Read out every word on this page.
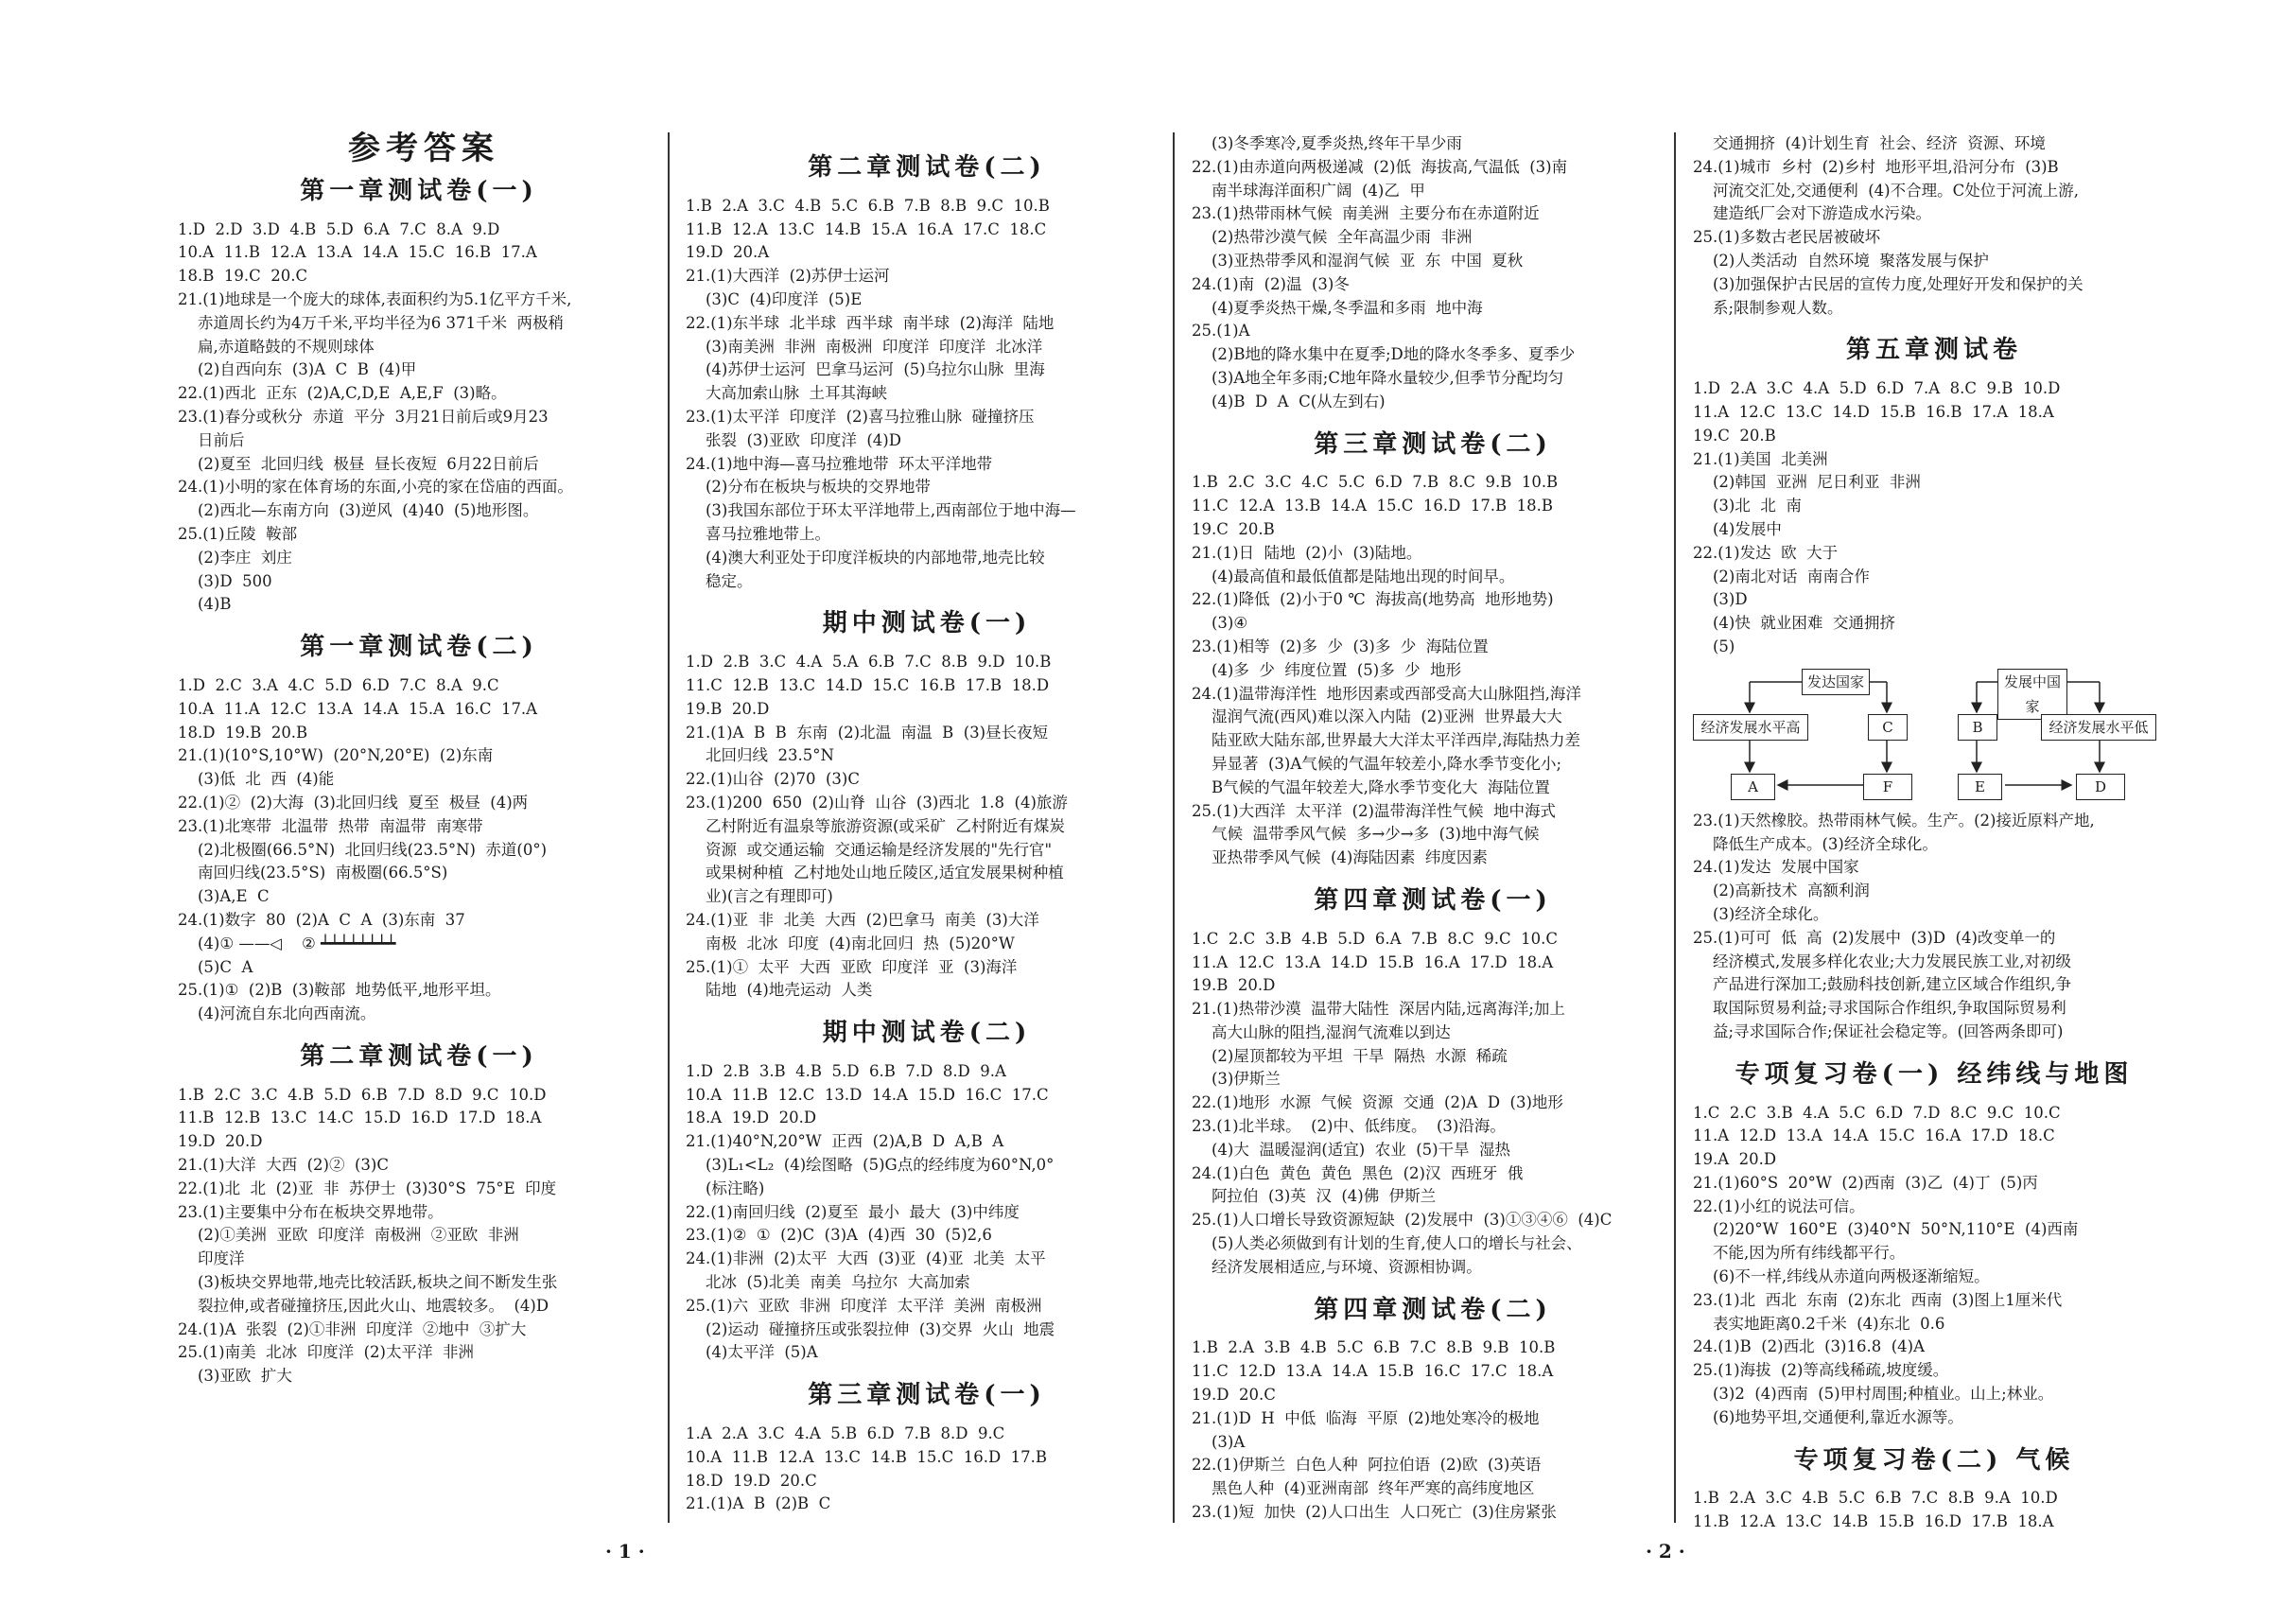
参考答案
第一章测试卷(一)
1.D  2.D  3.D  4.B  5.D  6.A  7.C  8.A  9.D
10.A  11.B  12.A  13.A  14.A  15.C  16.B  17.A
18.B  19.C  20.C
21.(1)地球是一个庞大的球体,表面积约为5.1亿平方千米,
赤道周长约为4万千米,平均半径为6 371千米  两极稍
扁,赤道略鼓的不规则球体
(2)自西向东  (3)A  C  B  (4)甲
22.(1)西北  正东  (2)A,C,D,E  A,E,F  (3)略。
23.(1)春分或秋分  赤道  平分  3月21日前后或9月23
日前后
(2)夏至  北回归线  极昼  昼长夜短  6月22日前后
24.(1)小明的家在体育场的东面,小亮的家在岱庙的西面。
(2)西北—东南方向  (3)逆风  (4)40  (5)地形图。
25.(1)丘陵  鞍部
(2)李庄  刘庄
(3)D  500
(4)B
第一章测试卷(二)
1.D  2.C  3.A  4.C  5.D  6.D  7.C  8.A  9.C
10.A  11.A  12.C  13.A  14.A  15.A  16.C  17.A
18.D  19.B  20.B
21.(1)(10°S,10°W)  (20°N,20°E)  (2)东南
(3)低  北  西  (4)能
22.(1)②  (2)大海  (3)北回归线  夏至  极昼  (4)两
23.(1)北寒带  北温带  热带  南温带  南寒带
(2)北极圈(66.5°N)  北回归线(23.5°N)  赤道(0°)
南回归线(23.5°S)  南极圈(66.5°S)
(3)A,E  C
24.(1)数字  80  (2)A  C  A  (3)东南  37
(4)① ——◁    ② ┷┷┷┷┷┷┷┷
(5)C  A
25.(1)①  (2)B  (3)鞍部  地势低平,地形平坦。
(4)河流自东北向西南流。
第二章测试卷(一)
1.B  2.C  3.C  4.B  5.D  6.B  7.D  8.D  9.C  10.D
11.B  12.B  13.C  14.C  15.D  16.D  17.D  18.A
19.D  20.D
21.(1)大洋  大西  (2)②  (3)C
22.(1)北  北  (2)亚  非  苏伊士  (3)30°S  75°E  印度
23.(1)主要集中分布在板块交界地带。
(2)①美洲  亚欧  印度洋  南极洲  ②亚欧  非洲
印度洋
(3)板块交界地带,地壳比较活跃,板块之间不断发生张
裂拉伸,或者碰撞挤压,因此火山、地震较多。  (4)D
24.(1)A  张裂  (2)①非洲  印度洋  ②地中  ③扩大
25.(1)南美  北冰  印度洋  (2)太平洋  非洲
(3)亚欧  扩大
第二章测试卷(二)
1.B  2.A  3.C  4.B  5.C  6.B  7.B  8.B  9.C  10.B
11.B  12.A  13.C  14.B  15.A  16.A  17.C  18.C
19.D  20.A
21.(1)大西洋  (2)苏伊士运河
(3)C  (4)印度洋  (5)E
22.(1)东半球  北半球  西半球  南半球  (2)海洋  陆地
(3)南美洲  非洲  南极洲  印度洋  印度洋  北冰洋
(4)苏伊士运河  巴拿马运河  (5)乌拉尔山脉  里海
大高加索山脉  土耳其海峡
23.(1)太平洋  印度洋  (2)喜马拉雅山脉  碰撞挤压
张裂  (3)亚欧  印度洋  (4)D
24.(1)地中海—喜马拉雅地带  环太平洋地带
(2)分布在板块与板块的交界地带
(3)我国东部位于环太平洋地带上,西南部位于地中海—
喜马拉雅地带上。
(4)澳大利亚处于印度洋板块的内部地带,地壳比较
稳定。
期中测试卷(一)
1.D  2.B  3.C  4.A  5.A  6.B  7.C  8.B  9.D  10.B
11.C  12.B  13.C  14.D  15.C  16.B  17.B  18.D
19.B  20.D
21.(1)A  B  B  东南  (2)北温  南温  B  (3)昼长夜短
北回归线  23.5°N
22.(1)山谷  (2)70  (3)C
23.(1)200  650  (2)山脊  山谷  (3)西北  1.8  (4)旅游
乙村附近有温泉等旅游资源(或采矿  乙村附近有煤炭
资源  或交通运输  交通运输是经济发展的"先行官"
或果树种植  乙村地处山地丘陵区,适宜发展果树种植
业)(言之有理即可)
24.(1)亚  非  北美  大西  (2)巴拿马  南美  (3)大洋
南极  北冰  印度  (4)南北回归  热  (5)20°W
25.(1)①  太平  大西  亚欧  印度洋  亚  (3)海洋
陆地  (4)地壳运动  人类
期中测试卷(二)
1.D  2.B  3.B  4.B  5.D  6.B  7.D  8.D  9.A
10.A  11.B  12.C  13.D  14.A  15.D  16.C  17.C
18.A  19.D  20.D
21.(1)40°N,20°W  正西  (2)A,B  D  A,B  A
(3)L₁<L₂  (4)绘图略  (5)G点的经纬度为60°N,0°
(标注略)
22.(1)南回归线  (2)夏至  最小  最大  (3)中纬度
23.(1)②  ①  (2)C  (3)A  (4)西  30  (5)2,6
24.(1)非洲  (2)太平  大西  (3)亚  (4)亚  北美  太平
北冰  (5)北美  南美  乌拉尔  大高加索
25.(1)六  亚欧  非洲  印度洋  太平洋  美洲  南极洲
(2)运动  碰撞挤压或张裂拉伸  (3)交界  火山  地震
(4)太平洋  (5)A
第三章测试卷(一)
1.A  2.A  3.C  4.A  5.B  6.D  7.B  8.D  9.C
10.A  11.B  12.A  13.C  14.B  15.C  16.D  17.B
18.D  19.D  20.C
21.(1)A  B  (2)B  C
(3)冬季寒冷,夏季炎热,终年干旱少雨
22.(1)由赤道向两极递减  (2)低  海拔高,气温低  (3)南
南半球海洋面积广阔  (4)乙  甲
23.(1)热带雨林气候  南美洲  主要分布在赤道附近
(2)热带沙漠气候  全年高温少雨  非洲
(3)亚热带季风和湿润气候  亚  东  中国  夏秋
24.(1)南  (2)温  (3)冬
(4)夏季炎热干燥,冬季温和多雨  地中海
25.(1)A
(2)B地的降水集中在夏季;D地的降水冬季多、夏季少
(3)A地全年多雨;C地年降水量较少,但季节分配均匀
(4)B  D  A  C(从左到右)
第三章测试卷(二)
1.B  2.C  3.C  4.C  5.C  6.D  7.B  8.C  9.B  10.B
11.C  12.A  13.B  14.A  15.C  16.D  17.B  18.B
19.C  20.B
21.(1)日  陆地  (2)小  (3)陆地。
(4)最高值和最低值都是陆地出现的时间早。
22.(1)降低  (2)小于0 ℃  海拔高(地势高  地形地势)
(3)④
23.(1)相等  (2)多  少  (3)多  少  海陆位置
(4)多  少  纬度位置  (5)多  少  地形
24.(1)温带海洋性  地形因素或西部受高大山脉阻挡,海洋
湿润气流(西风)难以深入内陆  (2)亚洲  世界最大大
陆亚欧大陆东部,世界最大大洋太平洋西岸,海陆热力差
异显著  (3)A气候的气温年较差小,降水季节变化小;
B气候的气温年较差大,降水季节变化大  海陆位置
25.(1)大西洋  太平洋  (2)温带海洋性气候  地中海式
气候  温带季风气候  多→少→多  (3)地中海气候
亚热带季风气候  (4)海陆因素  纬度因素
第四章测试卷(一)
1.C  2.C  3.B  4.B  5.D  6.A  7.B  8.C  9.C  10.C
11.A  12.C  13.A  14.D  15.B  16.A  17.D  18.A
19.B  20.D
21.(1)热带沙漠  温带大陆性  深居内陆,远离海洋;加上
高大山脉的阻挡,湿润气流难以到达
(2)屋顶都较为平坦  干旱  隔热  水源  稀疏
(3)伊斯兰
22.(1)地形  水源  气候  资源  交通  (2)A  D  (3)地形
23.(1)北半球。  (2)中、低纬度。  (3)沿海。
(4)大  温暖湿润(适宜)  农业  (5)干旱  湿热
24.(1)白色  黄色  黄色  黑色  (2)汉  西班牙  俄
阿拉伯  (3)英  汉  (4)佛  伊斯兰
25.(1)人口增长导致资源短缺  (2)发展中  (3)①③④⑥  (4)C
(5)人类必须做到有计划的生育,使人口的增长与社会、
经济发展相适应,与环境、资源相协调。
第四章测试卷(二)
1.B  2.A  3.B  4.B  5.C  6.B  7.C  8.B  9.B  10.B
11.C  12.D  13.A  14.A  15.B  16.C  17.C  18.A
19.D  20.C
21.(1)D  H  中低  临海  平原  (2)地处寒冷的极地
(3)A
22.(1)伊斯兰  白色人种  阿拉伯语  (2)欧  (3)英语
黑色人种  (4)亚洲南部  终年严寒的高纬度地区
23.(1)短  加快  (2)人口出生  人口死亡  (3)住房紧张
交通拥挤  (4)计划生育  社会、经济  资源、环境
24.(1)城市  乡村  (2)乡村  地形平坦,沿河分布  (3)B
河流交汇处,交通便利  (4)不合理。C处位于河流上游,
建造纸厂会对下游造成水污染。
25.(1)多数古老民居被破坏
(2)人类活动  自然环境  聚落发展与保护
(3)加强保护古民居的宣传力度,处理好开发和保护的关
系;限制参观人数。
第五章测试卷
1.D  2.A  3.C  4.A  5.D  6.D  7.A  8.C  9.B  10.D
11.A  12.C  13.C  14.D  15.B  16.B  17.A  18.A
19.C  20.B
21.(1)美国  北美洲
(2)韩国  亚洲  尼日利亚  非洲
(3)北  北  南
(4)发展中
22.(1)发达  欧  大于
(2)南北对话  南南合作
(3)D
(4)快  就业困难  交通拥挤
(5)
发达国家
经济发展水平高	C
A	F
发展中国家
B	经济发展水平低
E	D
23.(1)天然橡胶。热带雨林气候。生产。(2)接近原料产地,
降低生产成本。(3)经济全球化。
24.(1)发达  发展中国家
(2)高新技术  高额利润
(3)经济全球化。
25.(1)可可  低  高  (2)发展中  (3)D  (4)改变单一的
经济模式,发展多样化农业;大力发展民族工业,对初级
产品进行深加工;鼓励科技创新,建立区域合作组织,争
取国际贸易利益;寻求国际合作组织,争取国际贸易利
益;寻求国际合作;保证社会稳定等。(回答两条即可)
专项复习卷(一) 经纬线与地图
1.C  2.C  3.B  4.A  5.C  6.D  7.D  8.C  9.C  10.C
11.A  12.D  13.A  14.A  15.C  16.A  17.D  18.C
19.A  20.D
21.(1)60°S  20°W  (2)西南  (3)乙  (4)丁  (5)丙
22.(1)小红的说法可信。
(2)20°W  160°E  (3)40°N  50°N,110°E  (4)西南
不能,因为所有纬线都平行。
(6)不一样,纬线从赤道向两极逐渐缩短。
23.(1)北  西北  东南  (2)东北  西南  (3)图上1厘米代
表实地距离0.2千米  (4)东北  0.6
24.(1)B  (2)西北  (3)16.8  (4)A
25.(1)海拔  (2)等高线稀疏,坡度缓。
(3)2  (4)西南  (5)甲村周围;种植业。山上;林业。
(6)地势平坦,交通便利,靠近水源等。
专项复习卷(二) 气候
1.B  2.A  3.C  4.B  5.C  6.B  7.C  8.B  9.A  10.D
11.B  12.A  13.C  14.B  15.B  16.D  17.B  18.A
· 1 ·	· 2 ·
